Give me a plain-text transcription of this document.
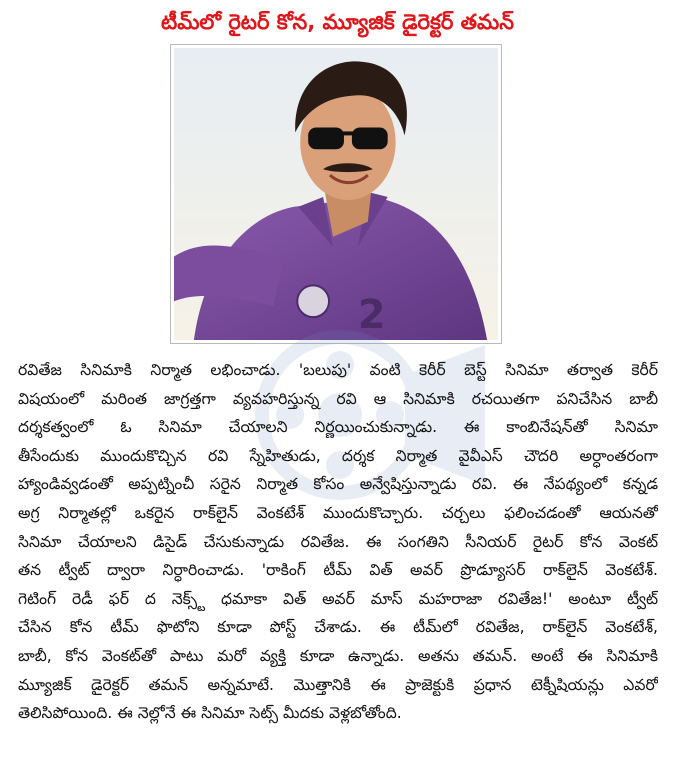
టీమ్‌లో రైటర్ కోన, మ్యూజిక్ డైరెక్టర్ తమన్
2
రవితేజ సినిమాకి నిర్మాత లభించాడు. 'బలుపు' వంటి కెరీర్ బెస్ట్ సినిమా తర్వాత కెరీర్
విషయంలో మరింత జాగ్రత్తగా వ్యవహరిస్తున్న రవి ఆ సినిమాకి రచయితగా పనిచేసిన బాబీ
దర్శకత్వంలో ఓ సినిమా చేయాలని నిర్ణయించుకున్నాడు. ఈ కాంబినేషన్‌తో సినిమా
తీసేందుకు ముందుకొచ్చిన రవి స్నేహితుడు, దర్శక నిర్మాత వైవీఎస్ చౌదరి అర్ధాంతరంగా
హ్యాండివ్వడంతో అప్పట్నించీ సరైన నిర్మాత కోసం అన్వేషిస్తున్నాడు రవి. ఈ నేపథ్యంలో కన్నడ
అగ్ర నిర్మాతల్లో ఒకరైన రాక్‌లైన్ వెంకటేశ్ ముందుకొచ్చారు. చర్చలు ఫలించడంతో ఆయనతో
సినిమా చేయాలని డిసైడ్ చేసుకున్నాడు రవితేజ. ఈ సంగతిని సీనియర్ రైటర్ కోన వెంకట్
తన ట్వీట్ ద్వారా నిర్ధారించాడు. 'రాకింగ్ టీమ్ విత్ అవర్ ప్రొడ్యూసర్ రాక్‌లైన్ వెంకటేశ్.
గెటింగ్ రెడీ ఫర్ ద నెక్స్ట్ ధమాకా విత్ అవర్ మాస్ మహరాజా రవితేజ!' అంటూ ట్వీట్
చేసిన కోన టీమ్ ఫొటోని కూడా పోస్ట్ చేశాడు. ఈ టీమ్‌లో రవితేజ, రాక్‌లైన్ వెంకటేశ్,
బాబీ, కోన వెంకట్‌తో పాటు మరో వ్యక్తి కూడా ఉన్నాడు. అతను తమన్. అంటే ఈ సినిమాకి
మ్యూజిక్ డైరెక్టర్ తమన్ అన్నమాటే. మొత్తానికి ఈ ప్రాజెక్టుకి ప్రధాన టెక్నీషియన్లు ఎవరో
తెలిసిపోయింది. ఈ నెల్లోనే ఈ సినిమా సెట్స్ మీదకు వెళ్లబోతోంది.
